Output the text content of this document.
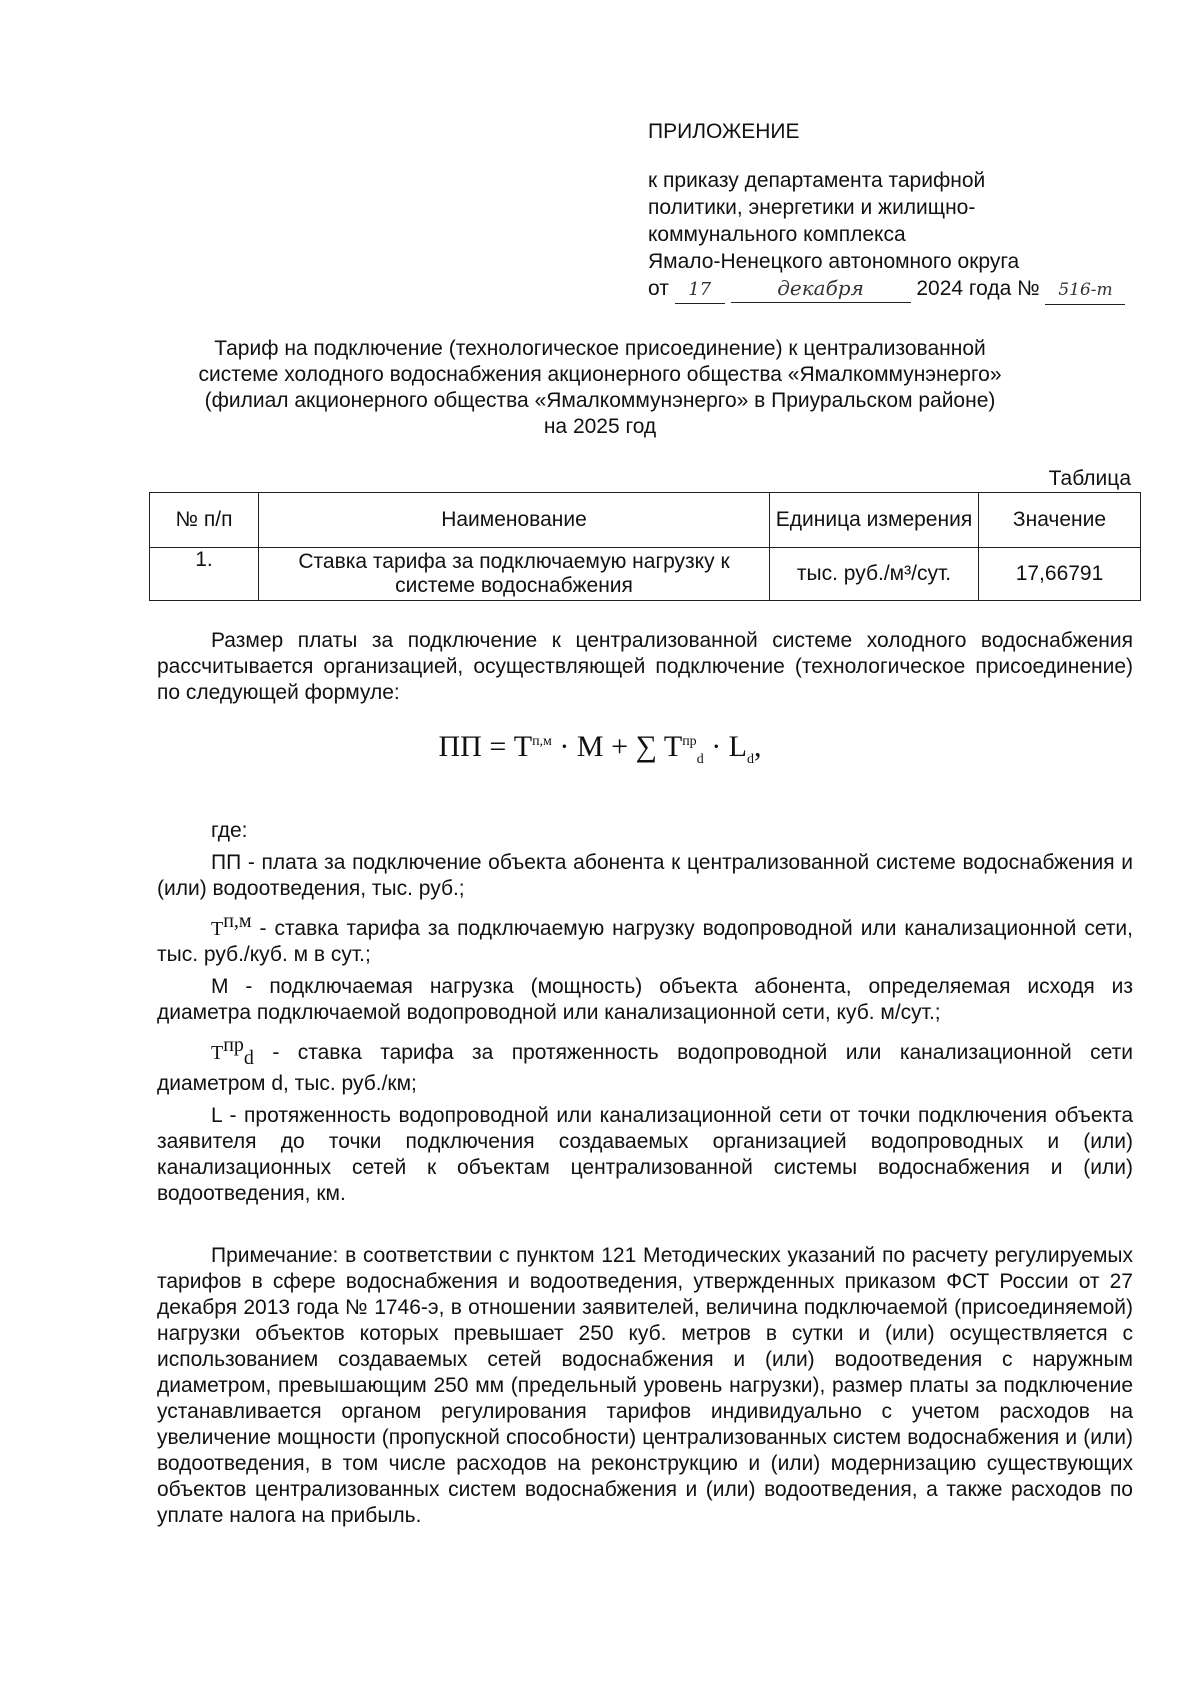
ПРИЛОЖЕНИЕ
к приказу департамента тарифной
политики, энергетики и жилищно-
коммунального комплекса
Ямало-Ненецкого автономного округа
от 17	декабря	2024 года № 516-т
Тариф на подключение (технологическое присоединение) к централизованной
системе холодного водоснабжения акционерного общества «Ямалкоммунэнерго»
(филиал акционерного общества «Ямалкоммунэнерго» в Приуральском районе)
на 2025 год
Таблица
№ п/п	Наименование	Единица измерения	Значение
1.	Ставка тарифа за подключаемую нагрузку к системе водоснабжения	тыс. руб./м³/сут.	17,66791
Размер платы за подключение к централизованной системе холодного водоснабжения рассчитывается организацией, осуществляющей подключение (технологическое присоединение) по следующей формуле:
ПП = $T^{п,м} \cdot M$ + ∑ $T^{пр}_d \cdot L_d$,

где:

ПП - плата за подключение объекта абонента к централизованной системе водоснабжения и (или) водоотведения, тыс. руб.;

$T^{п,м}$ - ставка тарифа за подключаемую нагрузку водопроводной или канализационной сети, тыс. руб./куб. м в сут.;

М - подключаемая нагрузка (мощность) объекта абонента, определяемая исходя из диаметра подключаемой водопроводной или канализационной сети, куб. м/сут.;

$T^{пр}_d$ - ставка тарифа за протяженность водопроводной или канализационной сети диаметром d, тыс. руб./км;

L - протяженность водопроводной или канализационной сети от точки подключения объекта заявителя до точки подключения создаваемых организацией водопроводных и (или) канализационных сетей к объектам централизованной системы водоснабжения и (или) водоотведения, км.

Примечание: в соответствии с пунктом 121 Методических указаний по расчету регулируемых тарифов в сфере водоснабжения и водоотведения, утвержденных приказом ФСТ России от 27 декабря 2013 года № 1746-э, в отношении заявителей, величина подключаемой (присоединяемой) нагрузки объектов которых превышает 250 куб. метров в сутки и (или) осуществляется с использованием создаваемых сетей водоснабжения и (или) водоотведения с наружным диаметром, превышающим 250 мм (предельный уровень нагрузки), размер платы за подключение устанавливается органом регулирования тарифов индивидуально с учетом расходов на увеличение мощности (пропускной способности) централизованных систем водоснабжения и (или) водоотведения, в том числе расходов на реконструкцию и (или) модернизацию существующих объектов централизованных систем водоснабжения и (или) водоотведения, а также расходов по уплате налога на прибыль.
